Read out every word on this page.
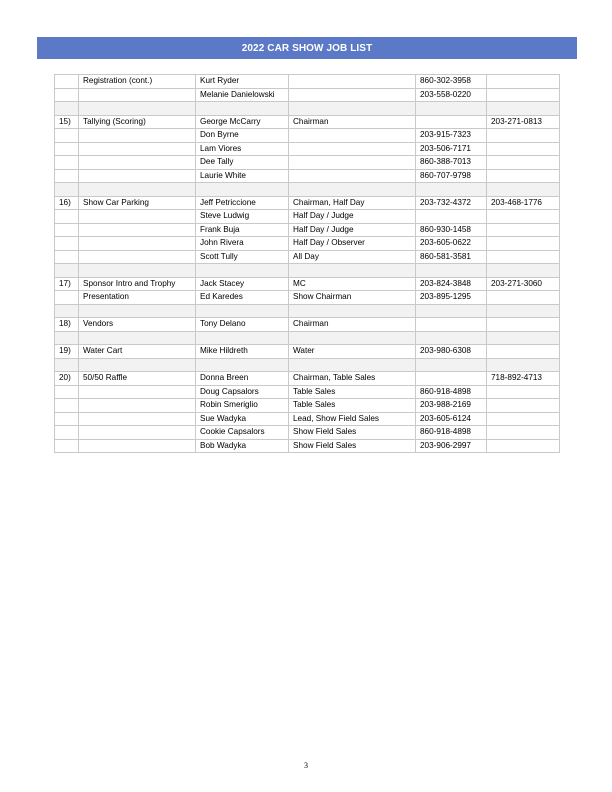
2022 CAR SHOW JOB LIST
	Registration (cont.)	Kurt Ryder		860-302-3958	
		Melanie Danielowski		203-558-0220	

15)	Tallying (Scoring)	George McCarry	Chairman		203-271-0813
		Don Byrne		203-915-7323	
		Lam Viores		203-506-7171	
		Dee Tally		860-388-7013	
		Laurie White		860-707-9798	

16)	Show Car Parking	Jeff Petriccione	Chairman, Half Day	203-732-4372	203-468-1776
		Steve Ludwig	Half Day / Judge		
		Frank Buja	Half Day / Judge	860-930-1458	
		John Rivera	Half Day / Observer	203-605-0622	
		Scott Tully	All Day	860-581-3581	

17)	Sponsor Intro and Trophy	Jack Stacey	MC	203-824-3848	203-271-3060
	Presentation	Ed Karedes	Show Chairman	203-895-1295	

18)	Vendors	Tony Delano	Chairman		

19)	Water Cart	Mike Hildreth	Water	203-980-6308	

20)	50/50 Raffle	Donna Breen	Chairman, Table Sales		718-892-4713
		Doug Capsalors	Table Sales	860-918-4898	
		Robin Smeriglio	Table Sales	203-988-2169	
		Sue Wadyka	Lead, Show Field Sales	203-605-6124	
		Cookie Capsalors	Show Field Sales	860-918-4898	
		Bob Wadyka	Show Field Sales	203-906-2997	
3
